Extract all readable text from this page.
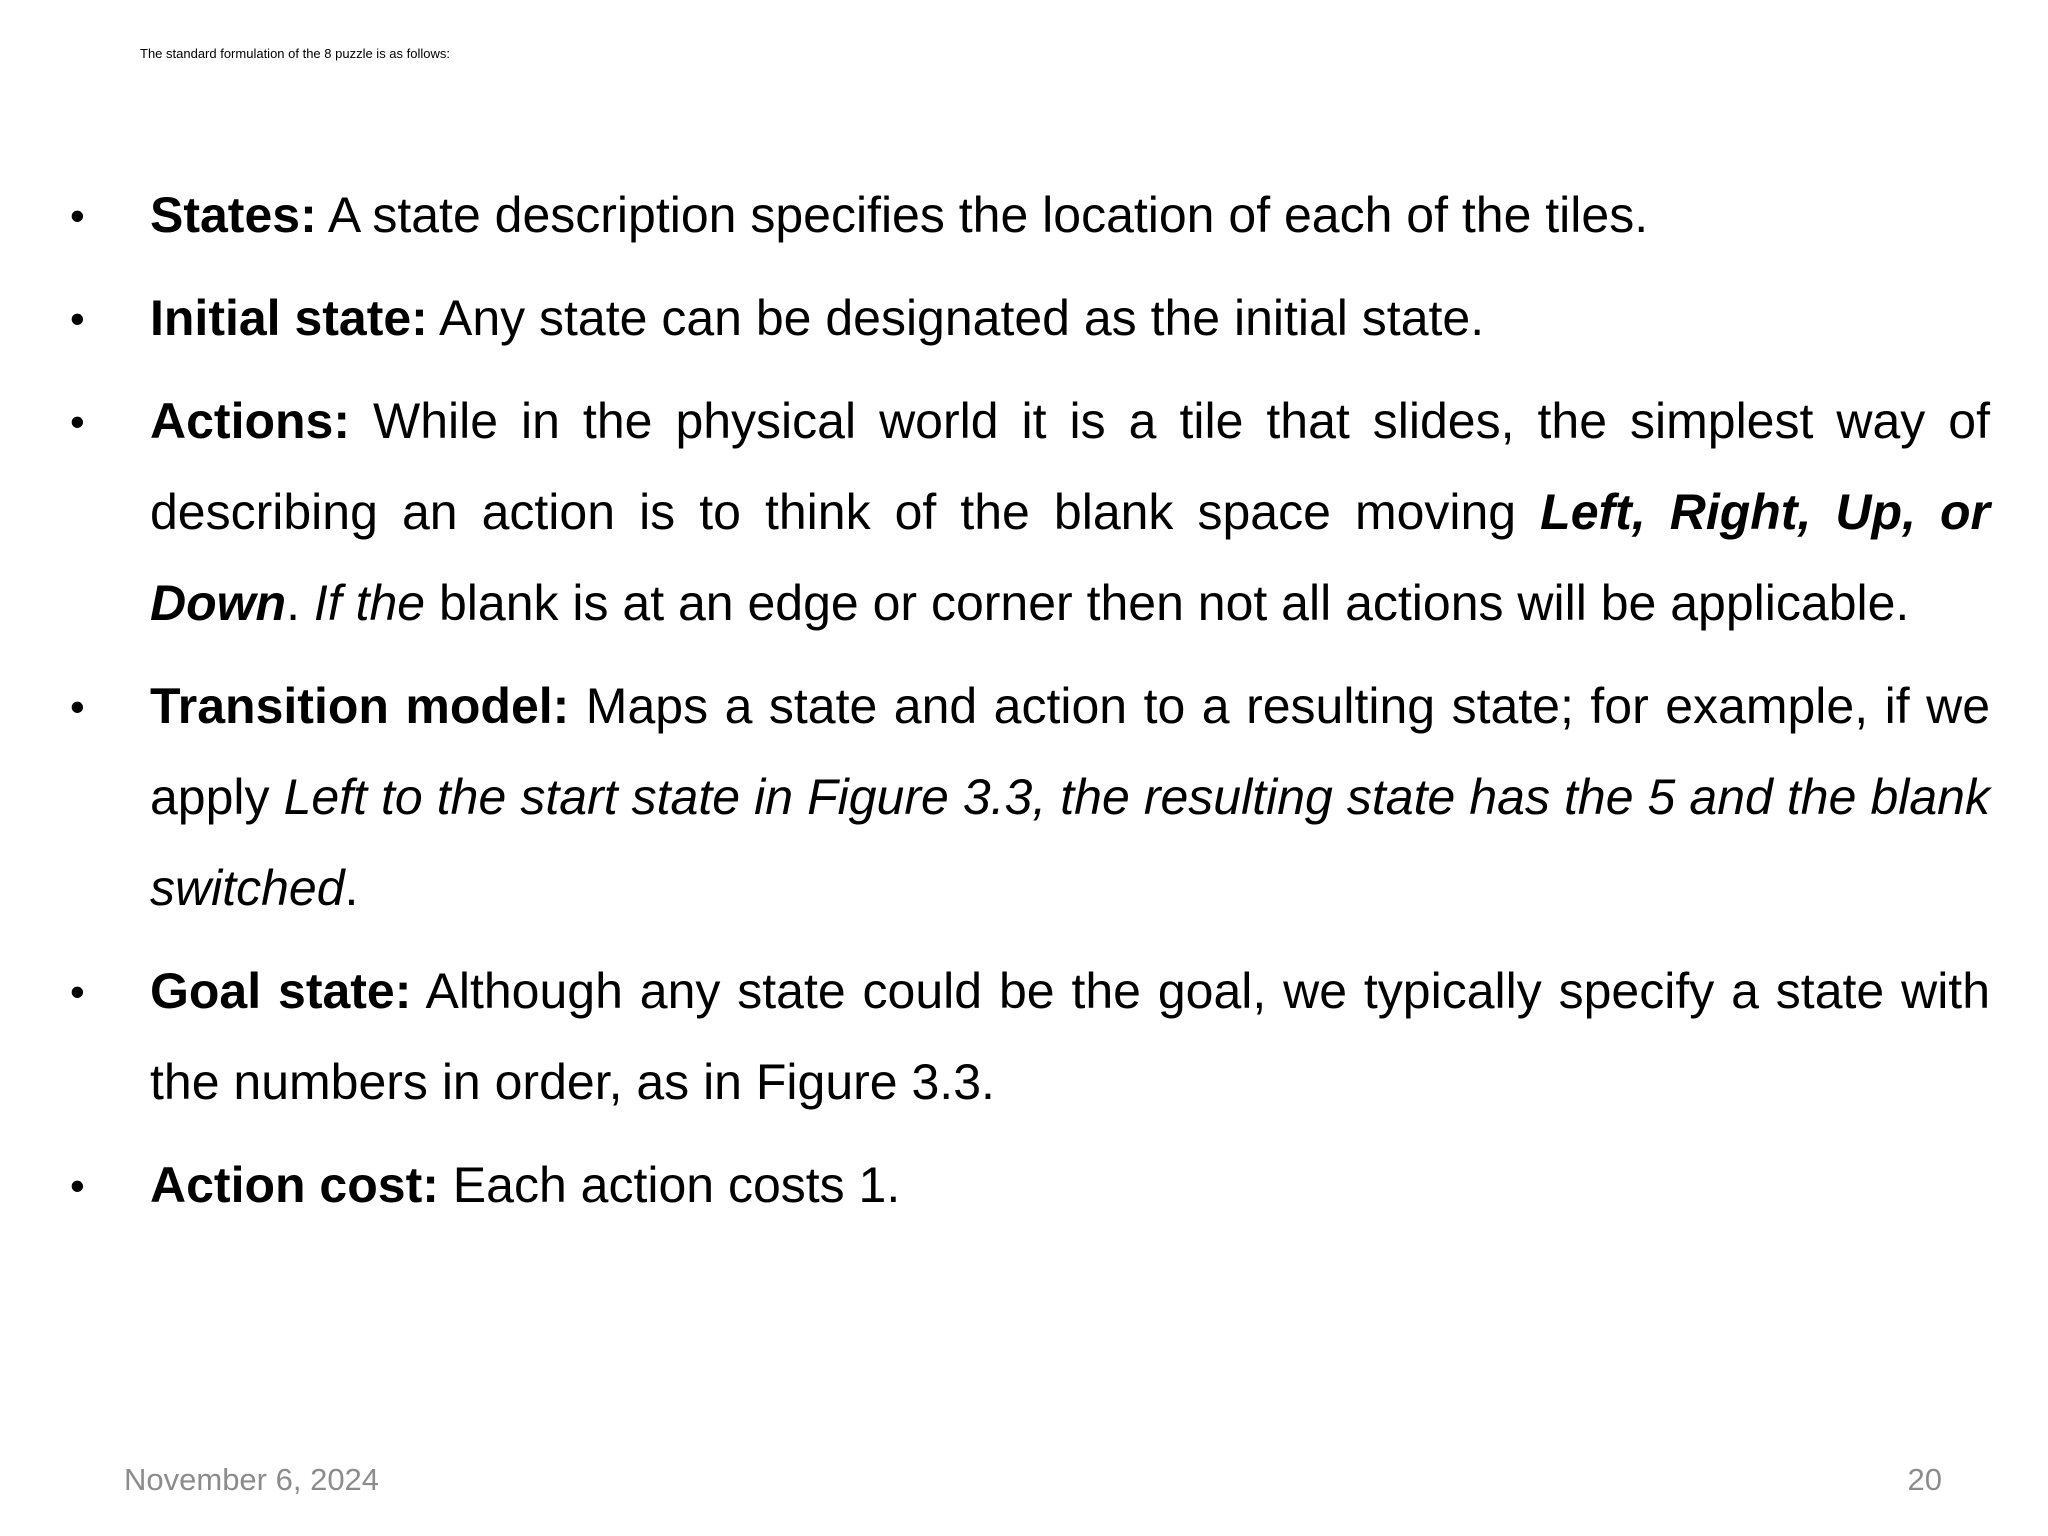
The standard formulation of the 8 puzzle is as follows:
•	States: A state description specifies the location of each of the tiles.
•	Initial state: Any state can be designated as the initial state.
•	Actions: While in the physical world it is a tile that slides, the simplest way of describing an action is to think of the blank space moving Left, Right, Up, or Down. If the blank is at an edge or corner then not all actions will be applicable.
•	Transition model: Maps a state and action to a resulting state; for example, if we apply Left to the start state in Figure 3.3, the resulting state has the 5 and the blank switched.
•	Goal state: Although any state could be the goal, we typically specify a state with the numbers in order, as in Figure 3.3.
•	Action cost: Each action costs 1.
November 6, 2024	20
